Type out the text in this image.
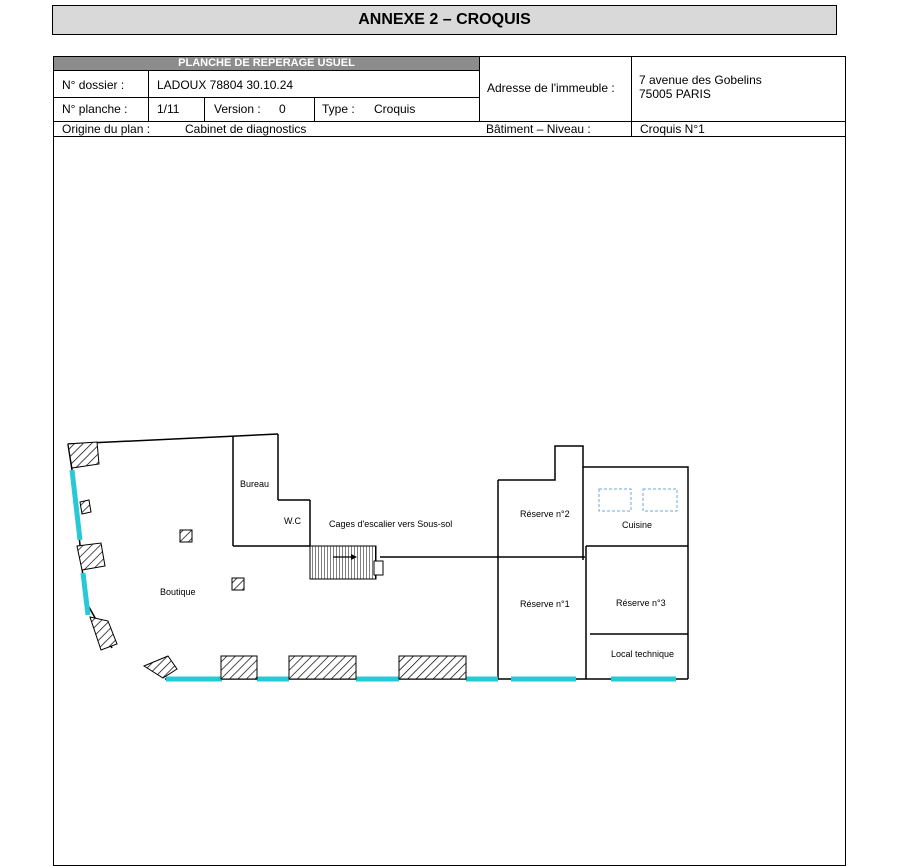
ANNEXE 2 – CROQUIS
PLANCHE DE REPERAGE USUEL
N° dossier :	LADOUX 78804 30.10.24
N° planche : 1/11	Version : 0	Type : Croquis
Adresse de l'immeuble :
7 avenue des Gobelins
75005 PARIS
Origine du plan :	Cabinet de diagnostics	Bâtiment – Niveau :	Croquis N°1
Bureau
W.C	Cages d'escalier vers Sous-sol
Boutique
Réserve n°2
Cuisine
Réserve n°1	Réserve n°3
Local technique
